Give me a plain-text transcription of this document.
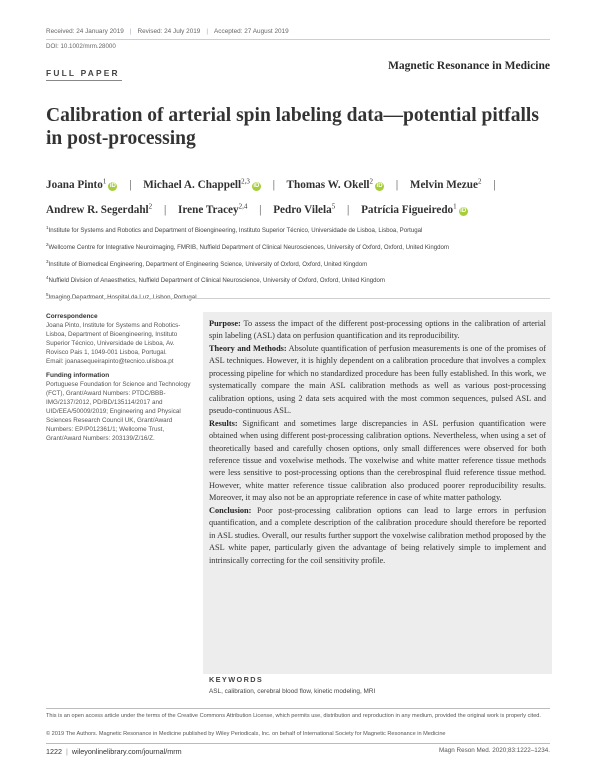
Received: 24 January 2019 | Revised: 24 July 2019 | Accepted: 27 August 2019
DOI: 10.1002/mrm.28000
FULL PAPER
Magnetic Resonance in Medicine
Calibration of arterial spin labeling data—potential pitfalls in post-processing
Joana Pinto$^1$iD | Michael A. Chappell$^{2,3}$iD | Thomas W. Okell$^2$iD | Melvin Mezue$^2$ | Andrew R. Segerdahl$^2$ | Irene Tracey$^{2,4}$ | Pedro Vilela$^5$ | Patrícia Figueiredo$^1$iD
$^1$Institute for Systems and Robotics and Department of Bioengineering, Instituto Superior Técnico, Universidade de Lisboa, Lisboa, Portugal
$^2$Wellcome Centre for Integrative Neuroimaging, FMRIB, Nuffield Department of Clinical Neurosciences, University of Oxford, Oxford, United Kingdom
$^3$Institute of Biomedical Engineering, Department of Engineering Science, University of Oxford, Oxford, United Kingdom
$^4$Nuffield Division of Anaesthetics, Nuffield Department of Clinical Neuroscience, University of Oxford, Oxford, United Kingdom
$^5$
Correspondence

Joana Pinto, Institute for Systems and Robotics-Lisboa, Department of Bioengineering, Instituto Superior Técnico, Universidade de Lisboa, Av. Rovisco Pais 1, 1049-001 Lisboa, Portugal.
Email: joanasequeirapinto@tecnico.ulisboa.pt

Funding information

Portuguese Foundation for Science and Technology (FCT), Grant/Award Numbers: PTDC/BBB-IMG/2137/2012, PD/BD/135114/2017 and UID/EEA/50009/2019; Engineering and Physical Sciences Research Council UK, Grant/Award Numbers: EP/P012361/1; Wellcome Trust, Grant/Award Numbers: 203139/Z/16/Z.

Purpose: To assess the impact of the different post-processing options in the calibration of arterial spin labeling (ASL) data on perfusion quantification and its reproducibility.

Theory and Methods: Absolute quantification of perfusion measurements is one of the promises of ASL techniques. However, it is highly dependent on a calibration procedure that involves a complex processing pipeline for which no standardized procedure has been fully established. In this work, we systematically compare the main ASL calibration methods as well as various post-processing calibration options, using 2 data sets acquired with the most common sequences, pulsed ASL and pseudo-continuous ASL.

Results: Significant and sometimes large discrepancies in ASL perfusion quantification were obtained when using different post-processing calibration options. Nevertheless, when using a set of theoretically based and carefully chosen options, only small differences were observed for both reference tissue and voxelwise methods. The voxelwise and white matter reference tissue methods were less sensitive to post-processing options than the cerebrospinal fluid reference tissue method. However, white matter reference tissue calibration also produced poorer reproducibility results. Moreover, it may also not be an appropriate reference in case of white matter pathology.

Conclusion: Poor post-processing calibration options can lead to large errors in perfusion quantification, and a complete description of the calibration procedure should therefore be reported in ASL studies. Overall, our results further support the voxelwise calibration method proposed by the ASL white paper, particularly given the advantage of being relatively simple to implement and intrinsically correcting for the coil sensitivity profile.

KEYWORDS
ASL, calibration, cerebral blood flow, kinetic modeling, MRI
This is an open access article under the terms of the Creative Commons Attribution License, which permits use, distribution and reproduction in any medium, provided the original work is properly cited.
© 2019 The Authors. Magnetic Resonance in Medicine published by Wiley Periodicals, Inc. on behalf of International Society for Magnetic Resonance in Medicine
1222 | wileyonlinelibrary.com/journal/mrm	Magn Reson Med. 2020;83:1222–1234.
